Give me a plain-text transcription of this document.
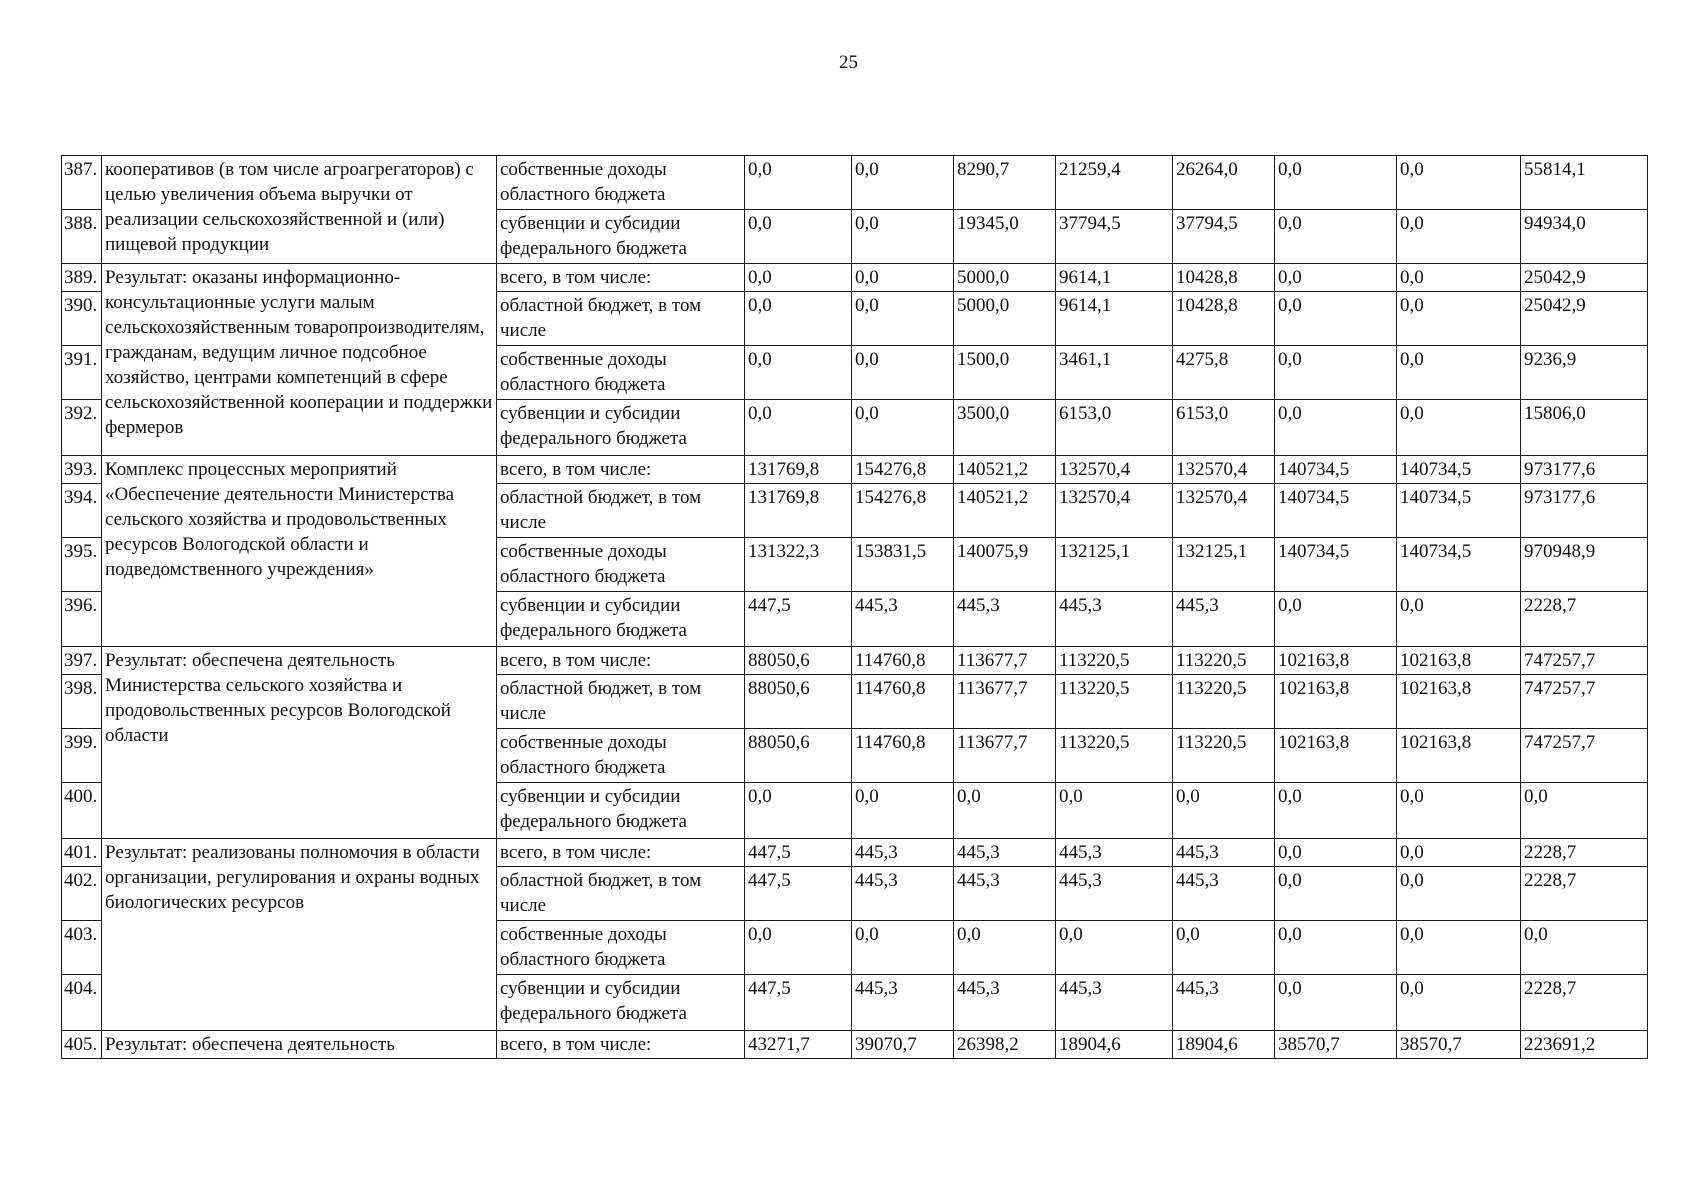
25
387.	кооперативов (в том числе агроагрегаторов) с целью увеличения объема выручки от реализации сельскохозяйственной и (или) пищевой продукции	собственные доходы областного бюджета	0,0	0,0	8290,7	21259,4	26264,0	0,0	0,0	55814,1
388.		субвенции и субсидии федерального бюджета	0,0	0,0	19345,0	37794,5	37794,5	0,0	0,0	94934,0
389.	Результат: оказаны информационно-консультационные услуги малым сельскохозяйственным товаропроизводителям, гражданам, ведущим личное подсобное хозяйство, центрами компетенций в сфере сельскохозяйственной кооперации и поддержки фермеров	всего, в том числе:	0,0	0,0	5000,0	9614,1	10428,8	0,0	0,0	25042,9
390.		областной бюджет, в том числе	0,0	0,0	5000,0	9614,1	10428,8	0,0	0,0	25042,9
391.		собственные доходы областного бюджета	0,0	0,0	1500,0	3461,1	4275,8	0,0	0,0	9236,9
392.		субвенции и субсидии федерального бюджета	0,0	0,0	3500,0	6153,0	6153,0	0,0	0,0	15806,0
393.	Комплекс процессных мероприятий «Обеспечение деятельности Министерства сельского хозяйства и продовольственных ресурсов Вологодской области и подведомственного учреждения»	всего, в том числе:	131769,8	154276,8	140521,2	132570,4	132570,4	140734,5	140734,5	973177,6
394.		областной бюджет, в том числе	131769,8	154276,8	140521,2	132570,4	132570,4	140734,5	140734,5	973177,6
395.		собственные доходы областного бюджета	131322,3	153831,5	140075,9	132125,1	132125,1	140734,5	140734,5	970948,9
396.		субвенции и субсидии федерального бюджета	447,5	445,3	445,3	445,3	445,3	0,0	0,0	2228,7
397.	Результат: обеспечена деятельность Министерства сельского хозяйства и продовольственных ресурсов Вологодской области	всего, в том числе:	88050,6	114760,8	113677,7	113220,5	113220,5	102163,8	102163,8	747257,7
398.		областной бюджет, в том числе	88050,6	114760,8	113677,7	113220,5	113220,5	102163,8	102163,8	747257,7
399.		собственные доходы областного бюджета	88050,6	114760,8	113677,7	113220,5	113220,5	102163,8	102163,8	747257,7
400.		субвенции и субсидии федерального бюджета	0,0	0,0	0,0	0,0	0,0	0,0	0,0	0,0
401.	Результат: реализованы полномочия в области организации, регулирования и охраны водных биологических ресурсов	всего, в том числе:	447,5	445,3	445,3	445,3	445,3	0,0	0,0	2228,7
402.		областной бюджет, в том числе	447,5	445,3	445,3	445,3	445,3	0,0	0,0	2228,7
403.		собственные доходы областного бюджета	0,0	0,0	0,0	0,0	0,0	0,0	0,0	0,0
404.		субвенции и субсидии федерального бюджета	447,5	445,3	445,3	445,3	445,3	0,0	0,0	2228,7
405.	Результат: обеспечена деятельность	всего, в том числе:	43271,7	39070,7	26398,2	18904,6	18904,6	38570,7	38570,7	223691,2
